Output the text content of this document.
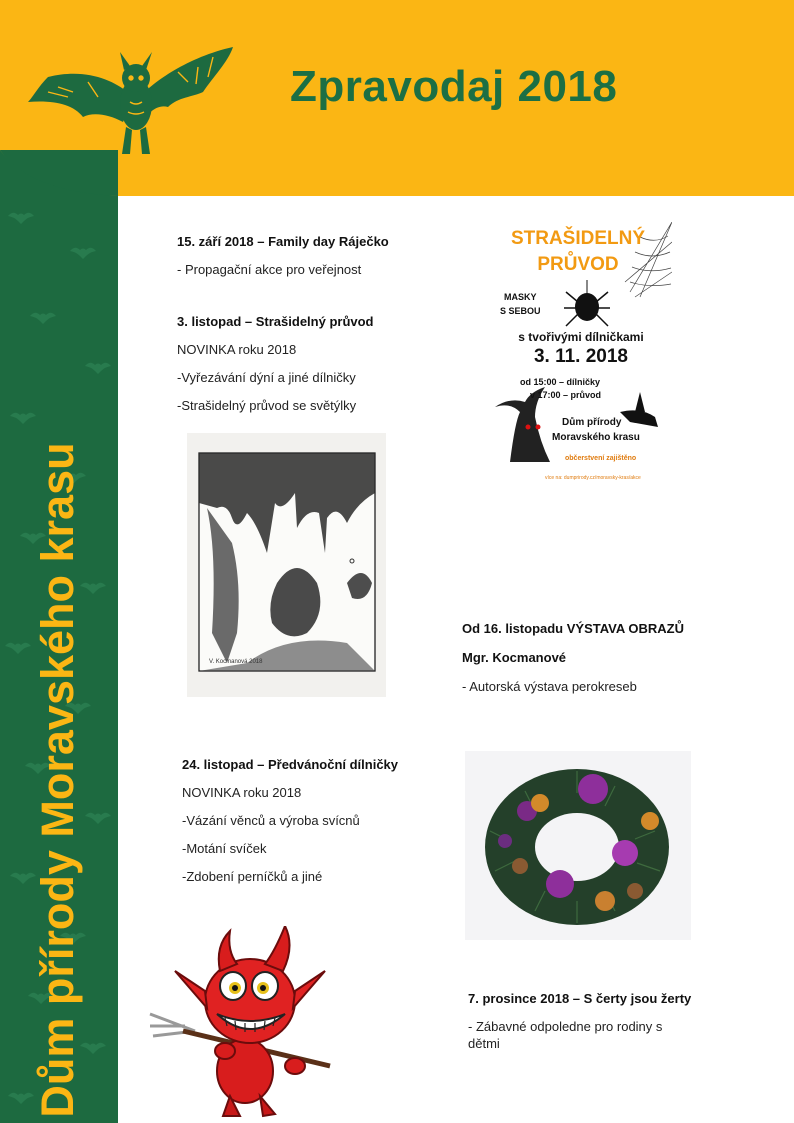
Zpravodaj 2018
Dům přírody Moravského krasu
15. září 2018 – Family day Ráječko
- Propagační akce pro veřejnost
3. listopad – Strašidelný průvod
NOVINKA roku 2018
-Vyřezávání dýní a jiné dílničky
-Strašidelný průvod se světýlky
STRAŠIDELNÝ
PRŮVOD
MASKY
S SEBOU
s tvořivými dílničkami
3. 11. 2018
od 15:00 – dílničky
v 17:00 – průvod
Dům přírody
Moravského krasu
občerstvení zajištěno
více na: dumprirody.cz/moravsky-kras/akce
V. Kocmanová 2018
Od 16. listopadu VÝSTAVA OBRAZŮ
Mgr. Kocmanové
- Autorská výstava perokreseb
24. listopad – Předvánoční dílničky
NOVINKA roku 2018
-Vázání věnců a výroba svícnů
-Motání svíček
-Zdobení perníčků a jiné
7. prosince 2018 – S čerty jsou žerty
- Zábavné odpoledne pro rodiny s
dětmi
